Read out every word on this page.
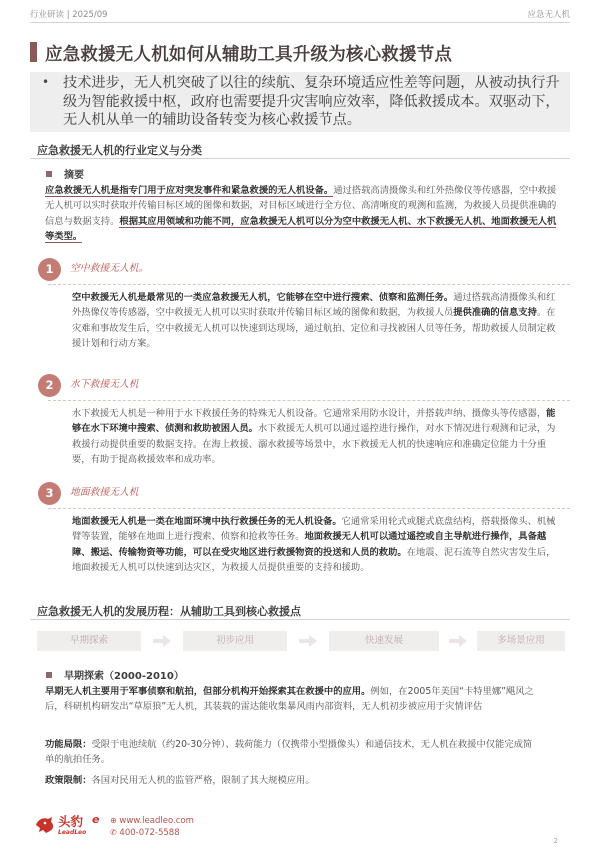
行业研读 | 2025/09	应急无人机
应急救援无人机如何从辅助工具升级为核心救援节点
• 技术进步，无人机突破了以往的续航、复杂环境适应性差等问题，从被动执行升级为智能救援中枢，政府也需要提升灾害响应效率，降低救援成本。双驱动下，无人机从单一的辅助设备转变为核心救援节点。
应急救援无人机的行业定义与分类
摘要
应急救援无人机是指专门用于应对突发事件和紧急救援的无人机设备。通过搭载高清摄像头和红外热像仪等传感器，空中救援无人机可以实时获取并传输目标区域的图像和数据，对目标区域进行全方位、高清晰度的观测和监测，为救援人员提供准确的信息与数据支持。根据其应用领域和功能不同，应急救援无人机可以分为空中救援无人机、水下救援无人机、地面救援无人机等类型。
1	空中救援无人机。
空中救援无人机是最常见的一类应急救援无人机，它能够在空中进行搜索、侦察和监测任务。通过搭载高清摄像头和红外热像仪等传感器，空中救援无人机可以实时获取并传输目标区域的图像和数据，为救援人员提供准确的信息支持。在灾难和事故发生后，空中救援无人机可以快速到达现场，通过航拍、定位和寻找被困人员等任务，帮助救援人员制定救援计划和行动方案。
2	水下救援无人机
水下救援无人机是一种用于水下救援任务的特殊无人机设备。它通常采用防水设计，并搭载声纳、摄像头等传感器，能够在水下环境中搜索、侦测和救助被困人员。水下救援无人机可以通过遥控进行操作，对水下情况进行观测和记录，为救援行动提供重要的数据支持。在海上救援、溺水救援等场景中，水下救援无人机的快速响应和准确定位能力十分重要，有助于提高救援效率和成功率。
3	地面救援无人机
地面救援无人机是一类在地面环境中执行救援任务的无人机设备。它通常采用轮式或腿式底盘结构，搭载摄像头、机械臂等装置，能够在地面上进行搜索、侦察和抢救等任务。地面救援无人机可以通过遥控或自主导航进行操作，具备越障、搬运、传输物资等功能，可以在受灾地区进行救援物资的投送和人员的救助。在地震、泥石流等自然灾害发生后，地面救援无人机可以快速到达灾区，为救援人员提供重要的支持和援助。
应急救援无人机的发展历程：从辅助工具到核心救援点
早期探索	初步应用	快速发展	多场景应用
早期探索（2000-2010）
早期无人机主要用于军事侦察和航拍，但部分机构开始探索其在救援中的应用。例如，在2005年美国“卡特里娜”飓风之后，科研机构研发出“草原狼”无人机，其装载的雷达能收集暴风雨内部资料，无人机初步被应用于灾情评估
功能局限：受限于电池续航（约20-30分钟）、载荷能力（仅携带小型摄像头）和通信技术，无人机在救援中仅能完成简单的航拍任务。
政策限制：各国对民用无人机的监管严格，限制了其大规模应用。
头豹
LeadLeo
e ⊕ www.leadleo.com
✆ 400-072-5588
2
